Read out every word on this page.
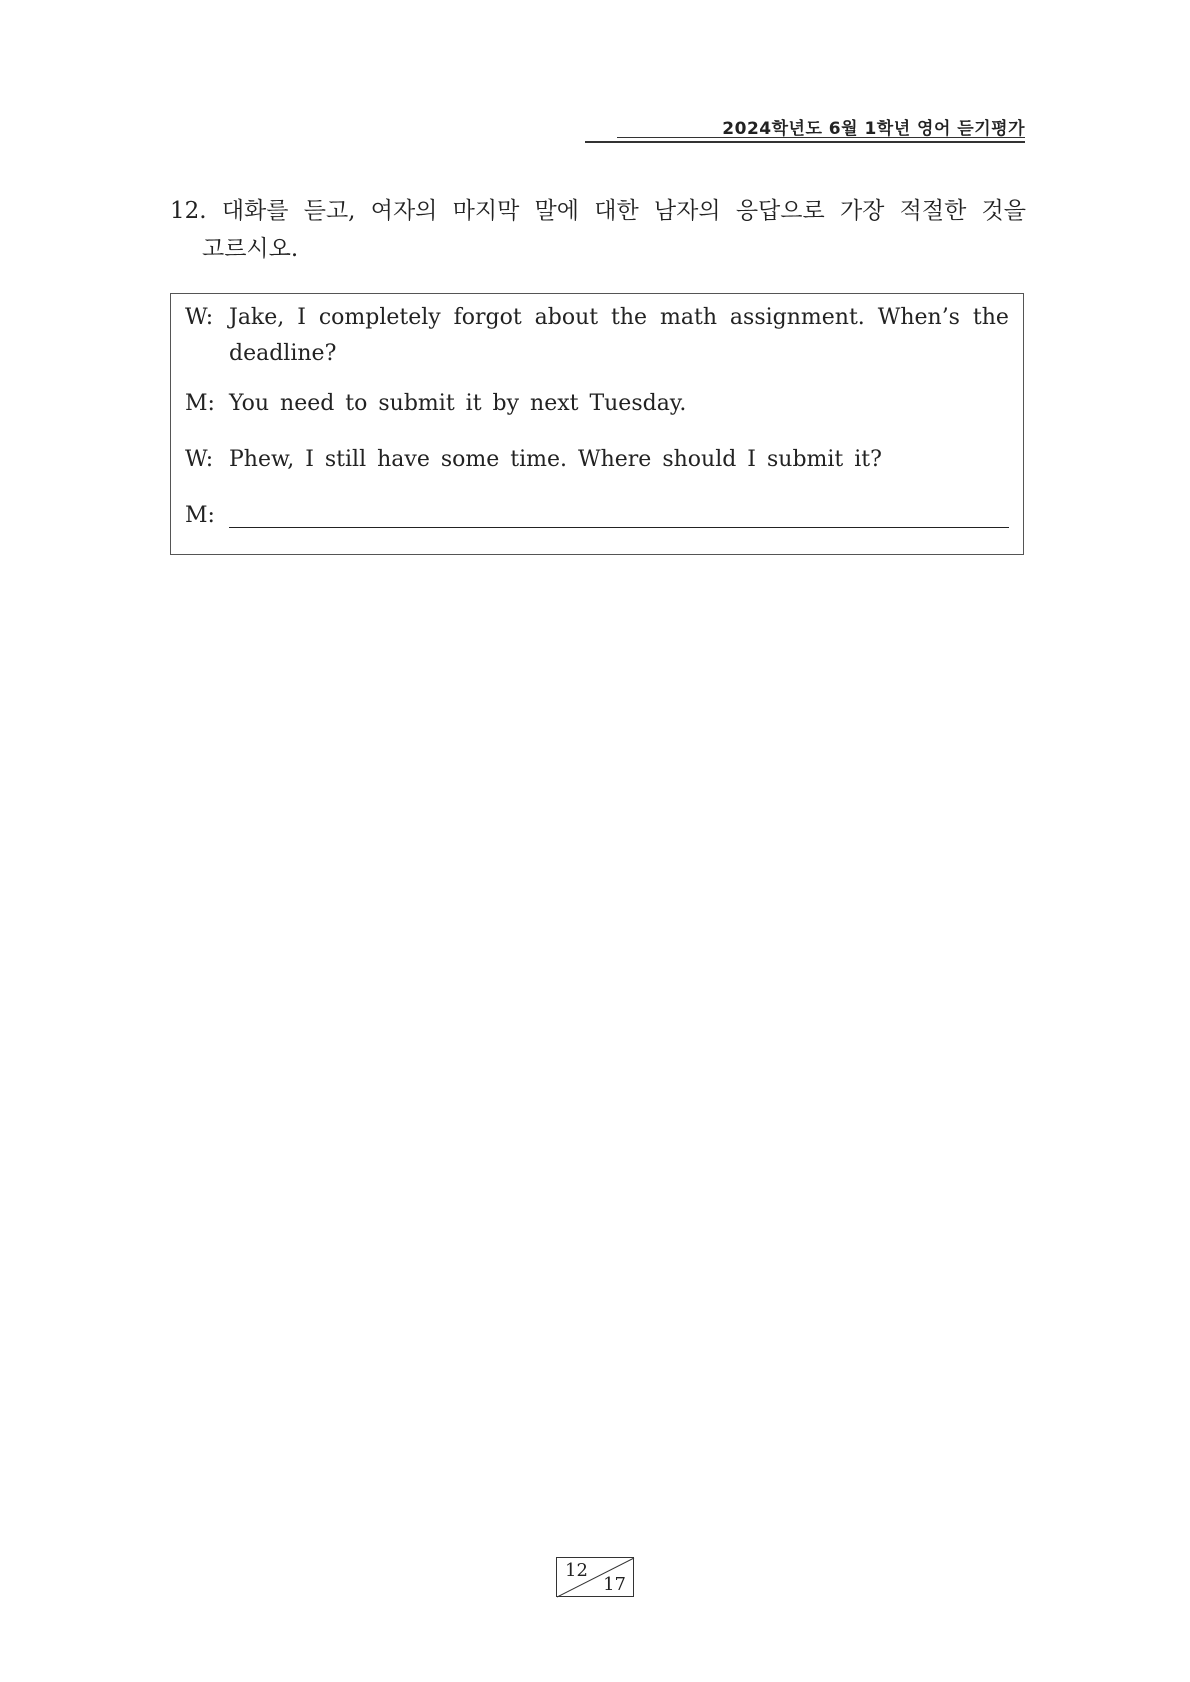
2024학년도 6월 1학년 영어 듣기평가
12. 대화를 듣고, 여자의 마지막 말에 대한 남자의 응답으로 가장 적절한 것을
고르시오.
W: Jake, I completely forgot about the math assignment. When’s the
deadline?
M: You need to submit it by next Tuesday.
W: Phew, I still have some time. Where should I submit it?
M:
12
17
